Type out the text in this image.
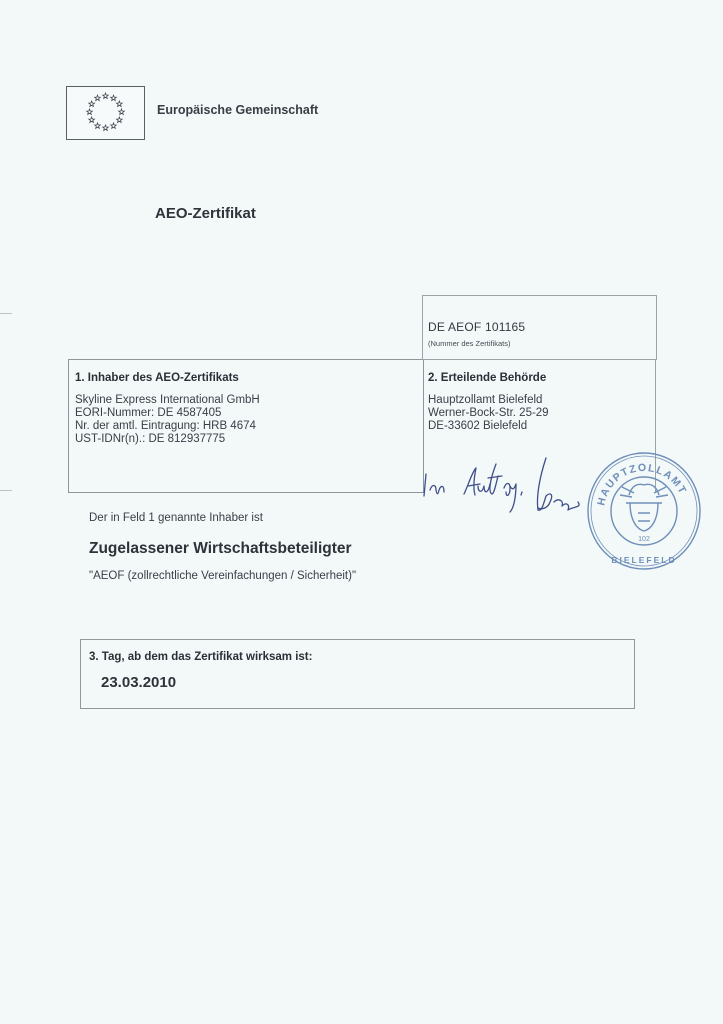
Europäische Gemeinschaft
AEO-Zertifikat
DE AEOF 101165
(Nummer des Zertifikats)
1. Inhaber des AEO-Zertifikats
Skyline Express International GmbH
EORI-Nummer: DE 4587405
Nr. der amtl. Eintragung: HRB 4674
UST-IDNr(n).: DE 812937775
2. Erteilende Behörde
Hauptzollamt Bielefeld
Werner-Bock-Str. 25-29
DE-33602 Bielefeld
HAUPTZOLLAMT
102
BIELEFELD
Der in Feld 1 genannte Inhaber ist
Zugelassener Wirtschaftsbeteiligter
"AEOF (zollrechtliche Vereinfachungen / Sicherheit)"
3. Tag, ab dem das Zertifikat wirksam ist:
23.03.2010
